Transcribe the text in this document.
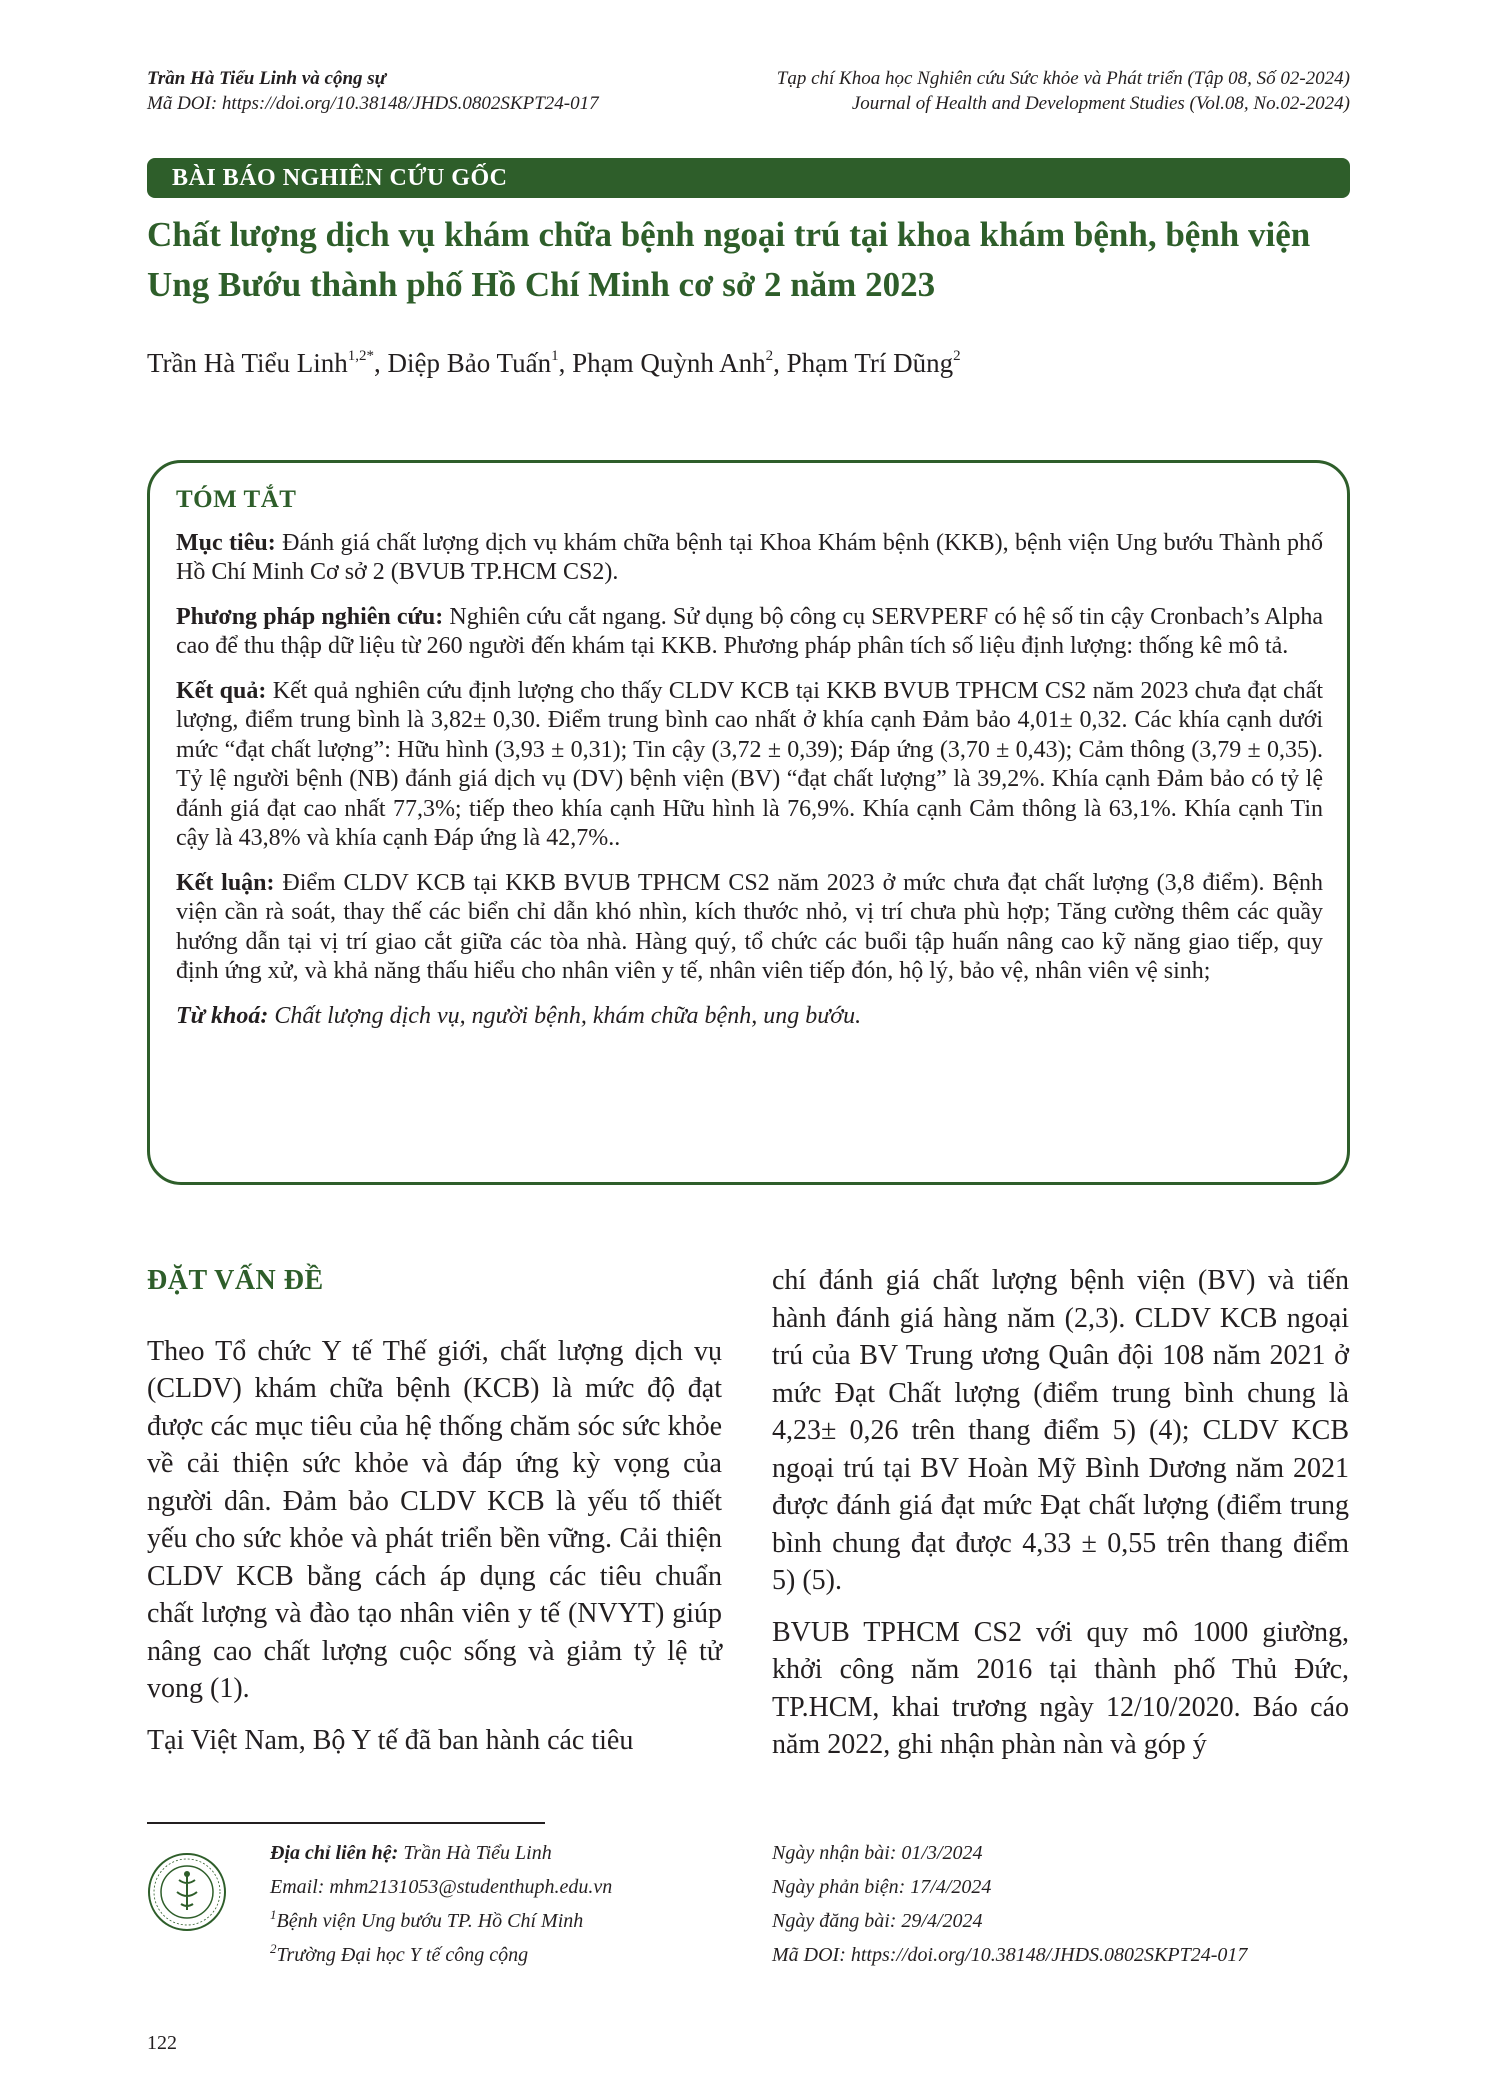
Trần Hà Tiểu Linh và cộng sự
Mã DOI: https://doi.org/10.38148/JHDS.0802SKPT24-017
Tạp chí Khoa học Nghiên cứu Sức khỏe và Phát triển (Tập 08, Số 02-2024)
Journal of Health and Development Studies (Vol.08, No.02-2024)
BÀI BÁO NGHIÊN CỨU GỐC
Chất lượng dịch vụ khám chữa bệnh ngoại trú tại khoa khám bệnh, bệnh viện Ung Bướu thành phố Hồ Chí Minh cơ sở 2 năm 2023
Trần Hà Tiểu Linh$^{1,2*}$, Diệp Bảo Tuấn$^1$, Phạm Quỳnh Anh$^2$, Phạm Trí Dũng$^2$
TÓM TẮT

Mục tiêu: Đánh giá chất lượng dịch vụ khám chữa bệnh tại Khoa Khám bệnh (KKB), bệnh viện Ung bướu Thành phố Hồ Chí Minh Cơ sở 2 (BVUB TP.HCM CS2).

Phương pháp nghiên cứu: Nghiên cứu cắt ngang. Sử dụng bộ công cụ SERVPERF có hệ số tin cậy Cronbach’s Alpha cao để thu thập dữ liệu từ 260 người đến khám tại KKB. Phương pháp phân tích số liệu định lượng: thống kê mô tả.

Kết quả: Kết quả nghiên cứu định lượng cho thấy CLDV KCB tại KKB BVUB TPHCM CS2 năm 2023 chưa đạt chất lượng, điểm trung bình là 3,82± 0,30. Điểm trung bình cao nhất ở khía cạnh Đảm bảo 4,01± 0,32. Các khía cạnh dưới mức “đạt chất lượng”: Hữu hình (3,93 ± 0,31); Tin cậy (3,72 ± 0,39); Đáp ứng (3,70 ± 0,43); Cảm thông (3,79 ± 0,35). Tỷ lệ người bệnh (NB) đánh giá dịch vụ (DV) bệnh viện (BV) “đạt chất lượng” là 39,2%. Khía cạnh Đảm bảo có tỷ lệ đánh giá đạt cao nhất 77,3%; tiếp theo khía cạnh Hữu hình là 76,9%. Khía cạnh Cảm thông là 63,1%. Khía cạnh Tin cậy là 43,8% và khía cạnh Đáp ứng là 42,7%..

Kết luận: Điểm CLDV KCB tại KKB BVUB TPHCM CS2 năm 2023 ở mức chưa đạt chất lượng (3,8 điểm). Bệnh viện cần rà soát, thay thế các biển chỉ dẫn khó nhìn, kích thước nhỏ, vị trí chưa phù hợp; Tăng cường thêm các quầy hướng dẫn tại vị trí giao cắt giữa các tòa nhà. Hàng quý, tổ chức các buổi tập huấn nâng cao kỹ năng giao tiếp, quy định ứng xử, và khả năng thấu hiểu cho nhân viên y tế, nhân viên tiếp đón, hộ lý, bảo vệ, nhân viên vệ sinh;

Từ khoá: Chất lượng dịch vụ, người bệnh, khám chữa bệnh, ung bướu.

ĐẶT VẤN ĐỀ

Theo Tổ chức Y tế Thế giới, chất lượng dịch vụ (CLDV) khám chữa bệnh (KCB) là mức độ đạt được các mục tiêu của hệ thống chăm sóc sức khỏe về cải thiện sức khỏe và đáp ứng kỳ vọng của người dân. Đảm bảo CLDV KCB là yếu tố thiết yếu cho sức khỏe và phát triển bền vững. Cải thiện CLDV KCB bằng cách áp dụng các tiêu chuẩn chất lượng và đào tạo nhân viên y tế (NVYT) giúp nâng cao chất lượng cuộc sống và giảm tỷ lệ tử vong (1).

Tại Việt Nam, Bộ Y tế đã ban hành các tiêu

chí đánh giá chất lượng bệnh viện (BV) và tiến hành đánh giá hàng năm (2,3). CLDV KCB ngoại trú của BV Trung ương Quân đội 108 năm 2021 ở mức Đạt Chất lượng (điểm trung bình chung là 4,23± 0,26 trên thang điểm 5) (4); CLDV KCB ngoại trú tại BV Hoàn Mỹ Bình Dương năm 2021 được đánh giá đạt mức Đạt chất lượng (điểm trung bình chung đạt được 4,33 ± 0,55 trên thang điểm 5) (5).

BVUB TPHCM CS2 với quy mô 1000 giường, khởi công năm 2016 tại thành phố Thủ Đức, TP.HCM, khai trương ngày 12/10/2020. Báo cáo năm 2022, ghi nhận phàn nàn và góp ý

Địa chỉ liên hệ: Trần Hà Tiểu Linh
Email: mhm2131053@studenthuph.edu.vn
$^1$Bệnh viện Ung bướu TP. Hồ Chí Minh
$^2$Trường Đại học Y tế công cộng
Ngày nhận bài: 01/3/2024
Ngày phản biện: 17/4/2024
Ngày đăng bài: 29/4/2024
Mã DOI: https://doi.org/10.38148/JHDS.0802SKPT24-017
122
